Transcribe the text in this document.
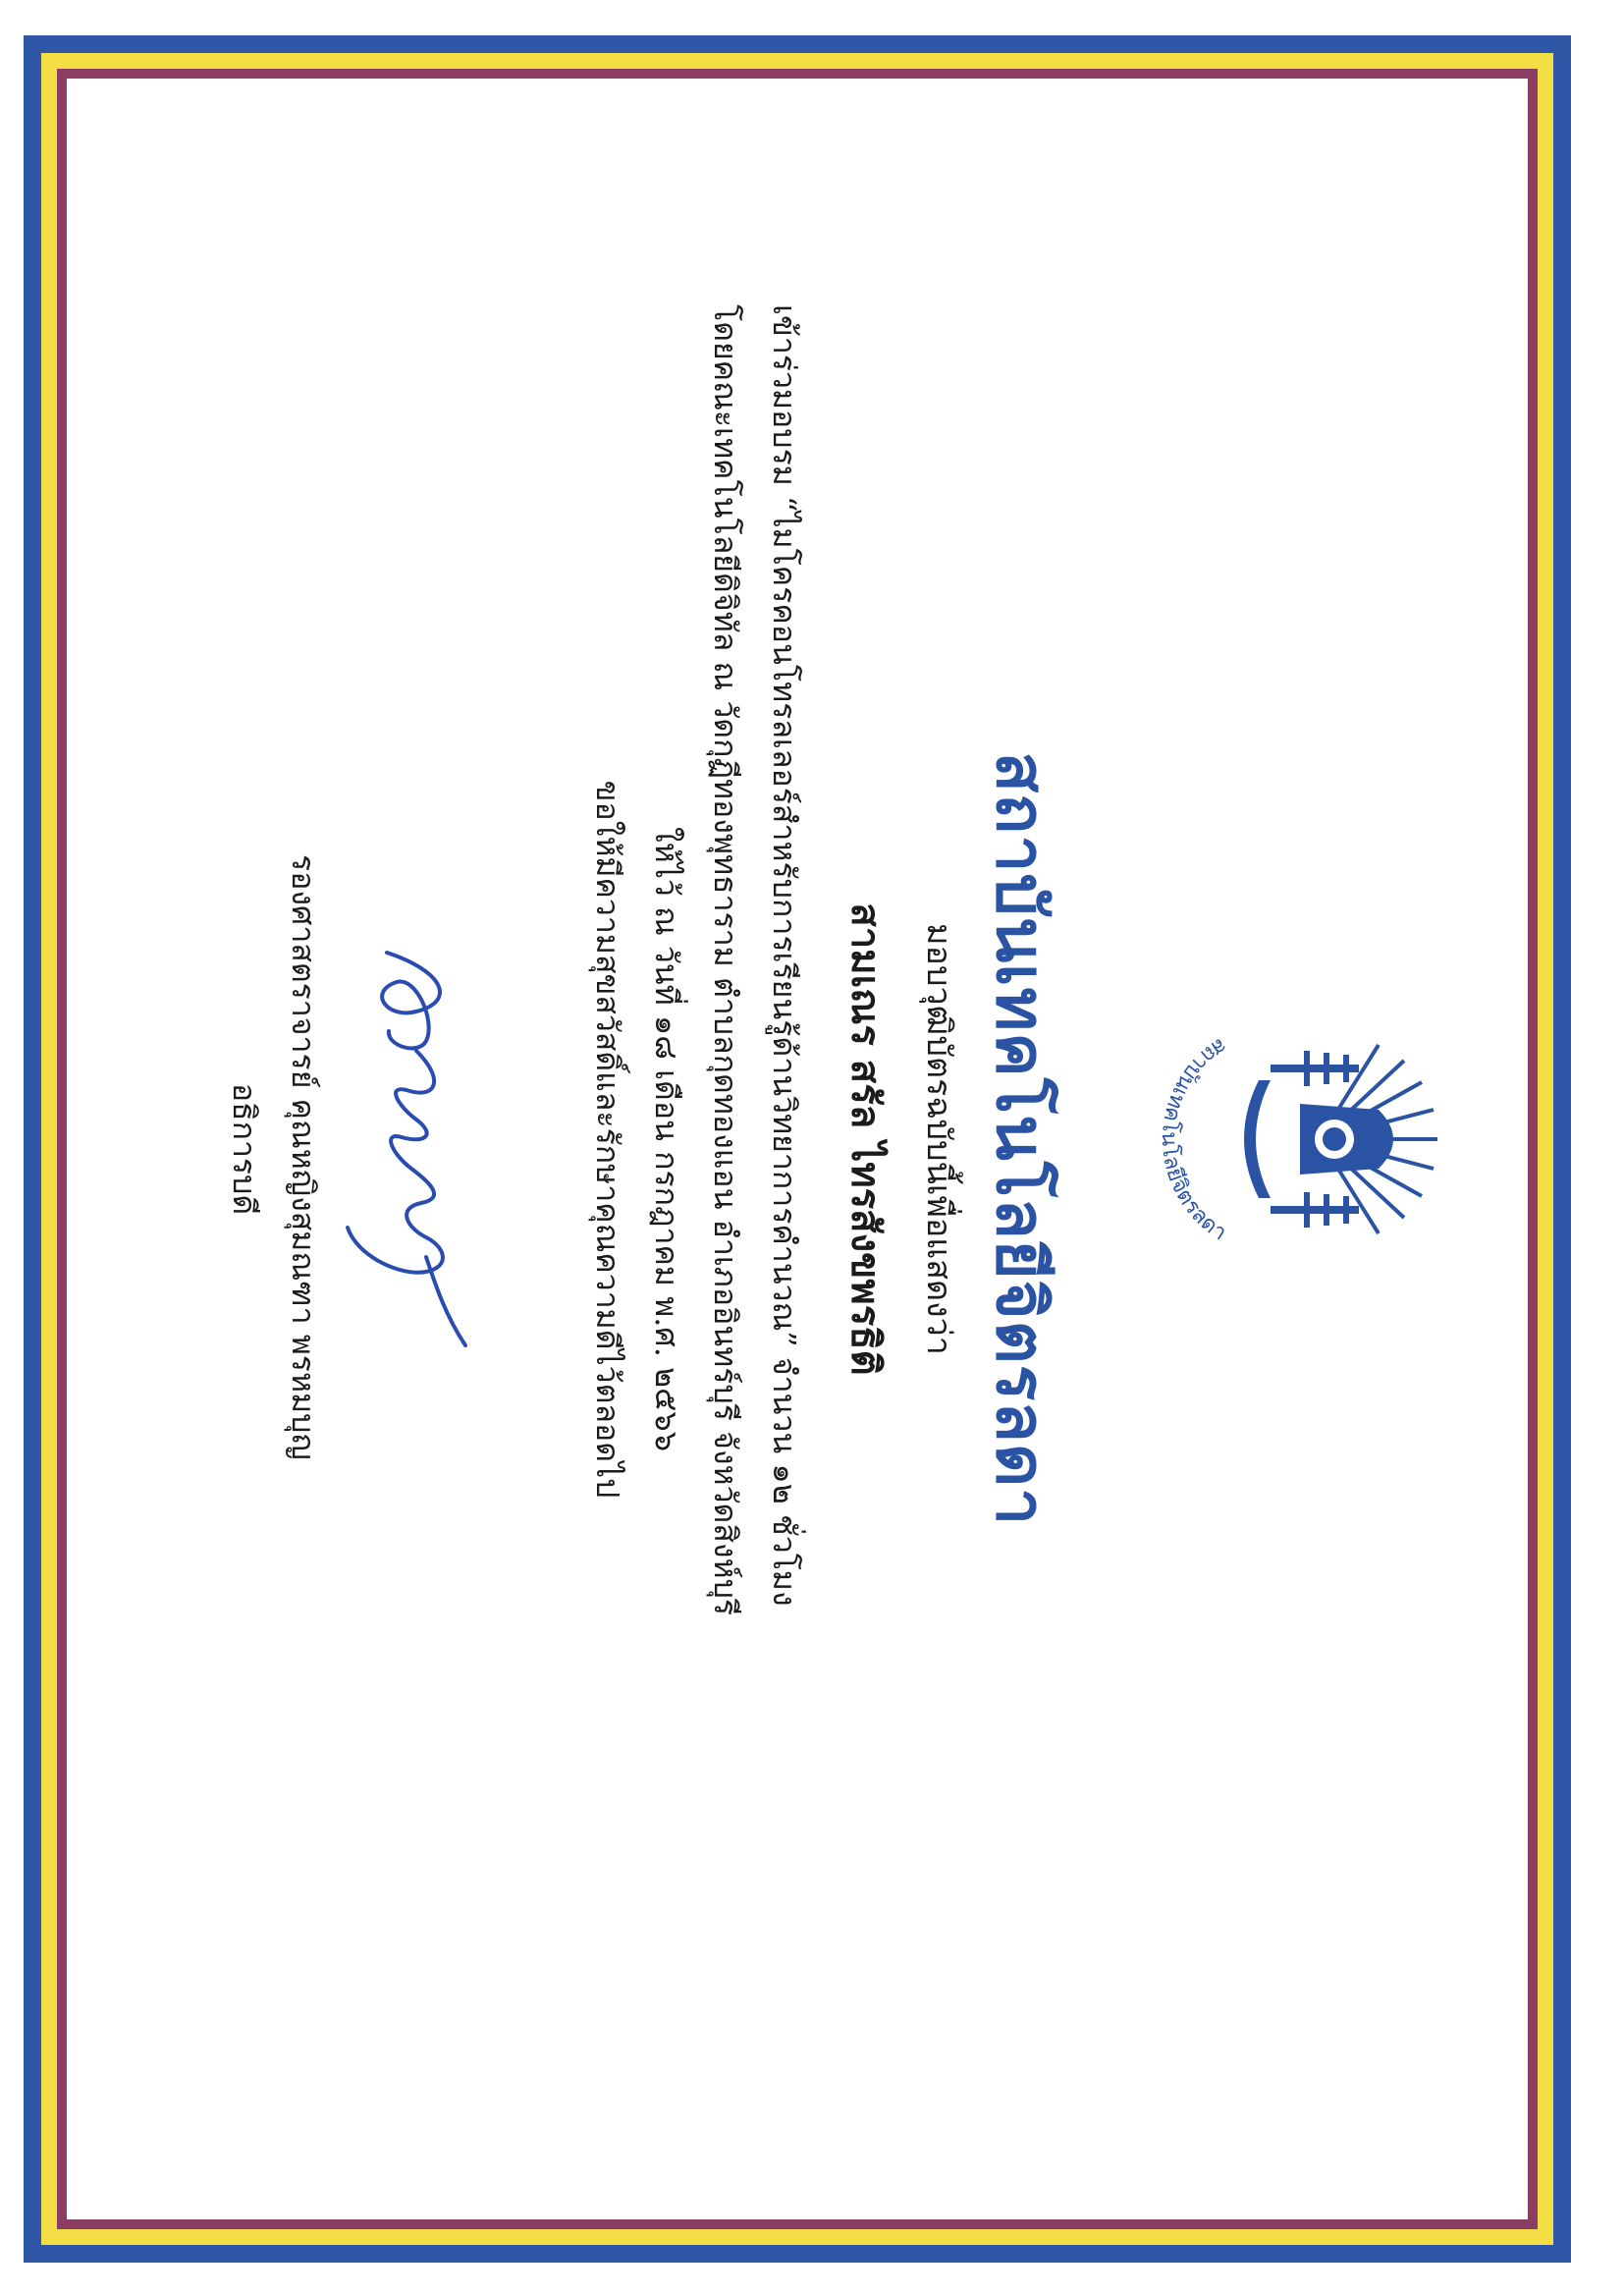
สถาบันเทคโนโลยีจิตรลดา
สถาบันเทคโนโลยีจิตรลดา
มอบวุฒิบัตรฉบับนี้เพื่อแสดงว่า
สามเณร สรัล ไทรสังขพรธิติ
เข้าร่วมอบรม “ไมโครคอนโทรลเลอร์สำหรับการเรียนรู้ด้านวิทยาการคำนวณ” จำนวน ๑๒ ชั่วโมง
โดยคณะเทคโนโลยีดิจิทัล ณ วัดกุฏีทองพุทธาราม ตำบลกุดทองแอน อำเภออินทร์บุรี จังหวัดสิงห์บุรี
ให้ไว้ ณ วันที่ ๑๘ เดือน กรกฎาคม พ.ศ. ๒๕๖๖
ขอให้มีความสุขสวัสดิ์และรักษาคุณความดีไว้ตลอดไป
รองศาสตราจารย์ คุณหญิงสุมณฑา พรหมบุญ
อธิการบดี
